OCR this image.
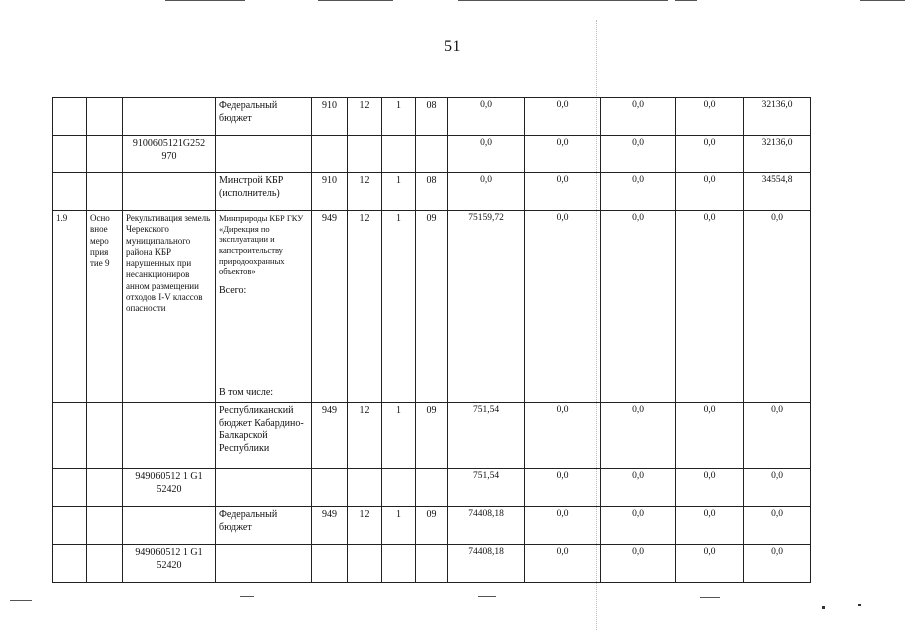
51
			Федеральный бюджет	910	12	1	08	0,0	0,0	0,0	0,0	32136,0
		9100605121G252 970						0,0	0,0	0,0	0,0	32136,0
			Минстрой КБР (исполнитель)	910	12	1	08	0,0	0,0	0,0	0,0	34554,8
1.9	Осно вное меро прия тие 9	Рекультивация земель Черекского муниципального района КБР нарушенных при несанкциониров анном размещении отходов I-V классов опасности	Минприроды КБР ГКУ «Дирекция по эксплуатации и капстроительству природоохранных объектов»
Всего:
В том числе:	949	12	1	09	75159,72	0,0	0,0	0,0	0,0
			Республиканский бюджет Кабардино-Балкарской Республики	949	12	1	09	751,54	0,0	0,0	0,0	0,0
		949060512 1 G1 52420						751,54	0,0	0,0	0,0	0,0
			Федеральный бюджет	949	12	1	09	74408,18	0,0	0,0	0,0	0,0
		949060512 1 G1 52420						74408,18	0,0	0,0	0,0	0,0
